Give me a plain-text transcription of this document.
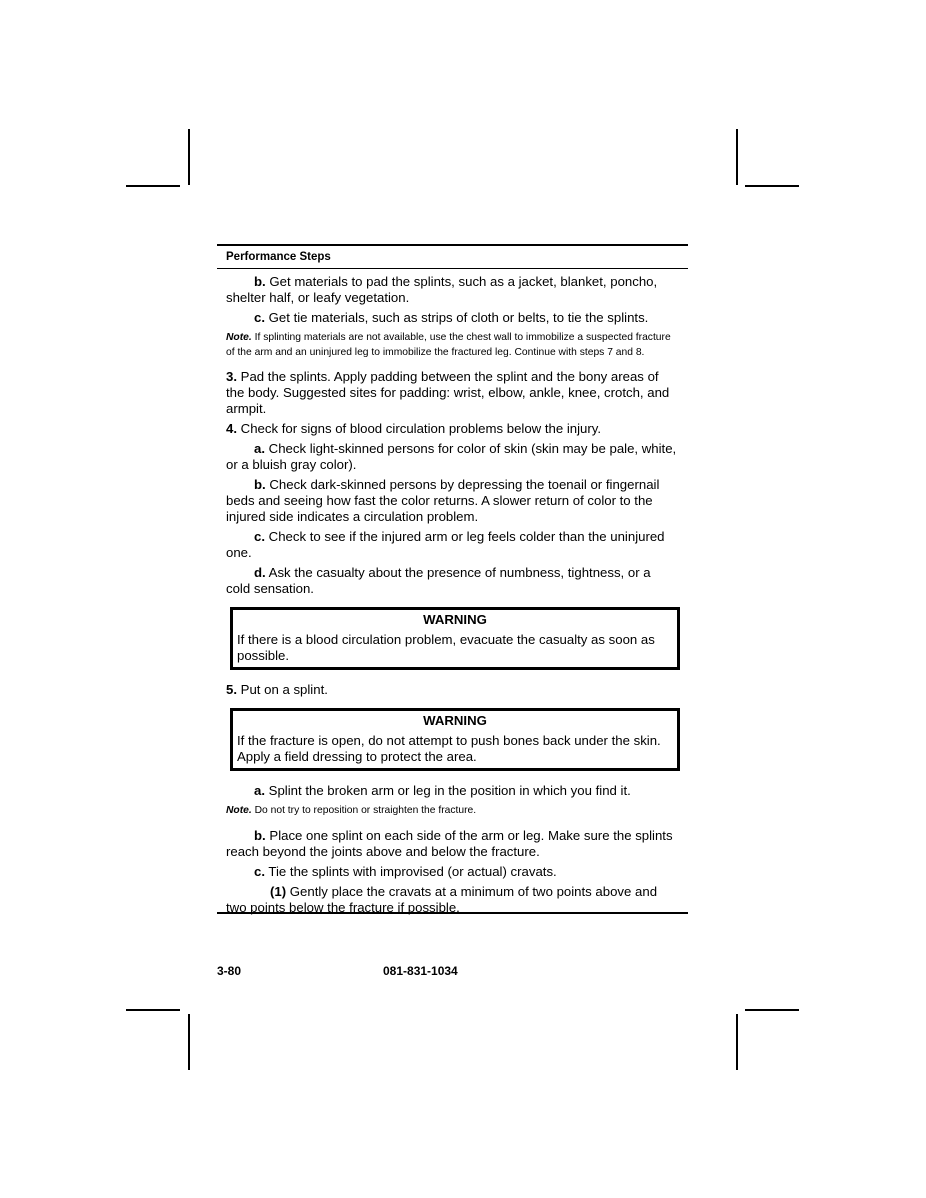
Performance Steps

b. Get materials to pad the splints, such as a jacket, blanket, poncho, shelter half, or leafy vegetation.

c. Get tie materials, such as strips of cloth or belts, to tie the splints.

Note. If splinting materials are not available, use the chest wall to immobilize a suspected fracture of the arm and an uninjured leg to immobilize the fractured leg. Continue with steps 7 and 8.

3. Pad the splints. Apply padding between the splint and the bony areas of the body. Suggested sites for padding: wrist, elbow, ankle, knee, crotch, and armpit.

4. Check for signs of blood circulation problems below the injury.

a. Check light-skinned persons for color of skin (skin may be pale, white, or a bluish gray color).

b. Check dark-skinned persons by depressing the toenail or fingernail beds and seeing how fast the color returns. A slower return of color to the injured side indicates a circulation problem.

c. Check to see if the injured arm or leg feels colder than the uninjured one.

d. Ask the casualty about the presence of numbness, tightness, or a cold sensation.

WARNING

If there is a blood circulation problem, evacuate the casualty as soon as possible.

5. Put on a splint.

WARNING

If the fracture is open, do not attempt to push bones back under the skin. Apply a field dressing to protect the area.

a. Splint the broken arm or leg in the position in which you find it.

Note. Do not try to reposition or straighten the fracture.

b. Place one splint on each side of the arm or leg. Make sure the splints reach beyond the joints above and below the fracture.

c. Tie the splints with improvised (or actual) cravats.

(1) Gently place the cravats at a minimum of two points above and two points below the fracture if possible.

3-80	081-831-1034
